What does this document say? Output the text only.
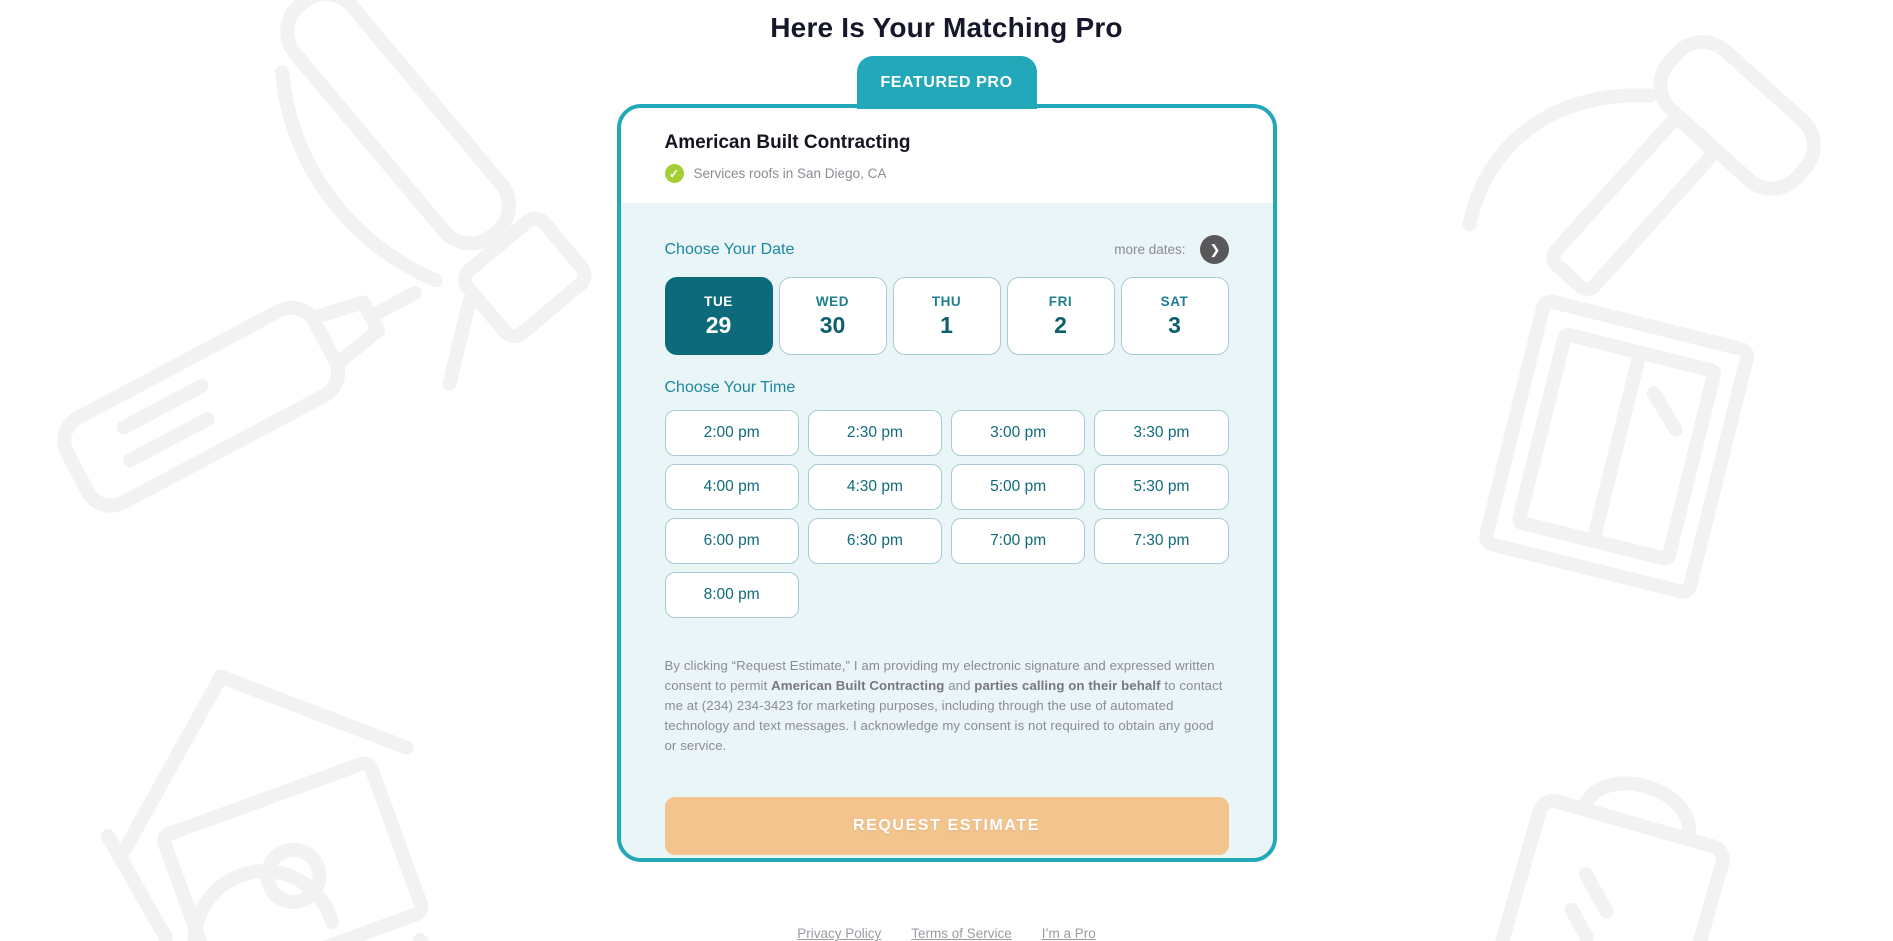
Here Is Your Matching Pro
FEATURED PRO
American Built Contracting
✓	Services roofs in San Diego, CA
Choose Your Date	more dates: ❯
TUE
29
WED
30
THU
1
FRI
2
SAT
3
Choose Your Time
2:00 pm	2:30 pm	3:00 pm	3:30 pm
4:00 pm	4:30 pm	5:00 pm	5:30 pm
6:00 pm	6:30 pm	7:00 pm	7:30 pm
8:00 pm

By clicking “Request Estimate,” I am providing my electronic signature and expressed written consent to permit American Built Contracting and parties calling on their behalf to contact me at (234) 234-3423 for marketing purposes, including through the use of automated technology and text messages. I acknowledge my consent is not required to obtain any good or service.

REQUEST ESTIMATE
Privacy Policy Terms of Service I’m a Pro
